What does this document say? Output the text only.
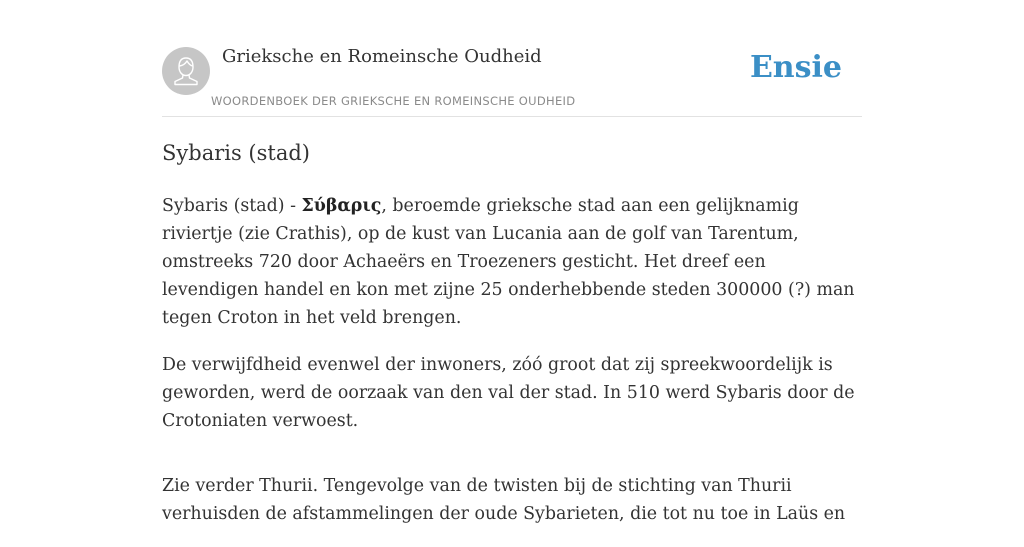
Grieksche en Romeinsche Oudheid
WOORDENBOEK DER GRIEKSCHE EN ROMEINSCHE OUDHEID
Ensie
Sybaris (stad)

Sybaris (stad) - Σύβαρις, beroemde grieksche stad aan een gelijknamig riviertje (zie Crathis), op de kust van Lucania aan de golf van Tarentum, omstreeks 720 door Achaeërs en Troezeners gesticht. Het dreef een levendigen handel en kon met zijne 25 onderhebbende steden 300000 (?) man tegen Croton in het veld brengen.

De verwijfdheid evenwel der inwoners, zóó groot dat zij spreekwoordelijk is geworden, werd de oorzaak van den val der stad. In 510 werd Sybaris door de Crotoniaten verwoest.

Zie verder Thurii. Tengevolge van de twisten bij de stichting van Thurii verhuisden de afstammelingen der oude Sybarieten, die tot nu toe in Laüs en
